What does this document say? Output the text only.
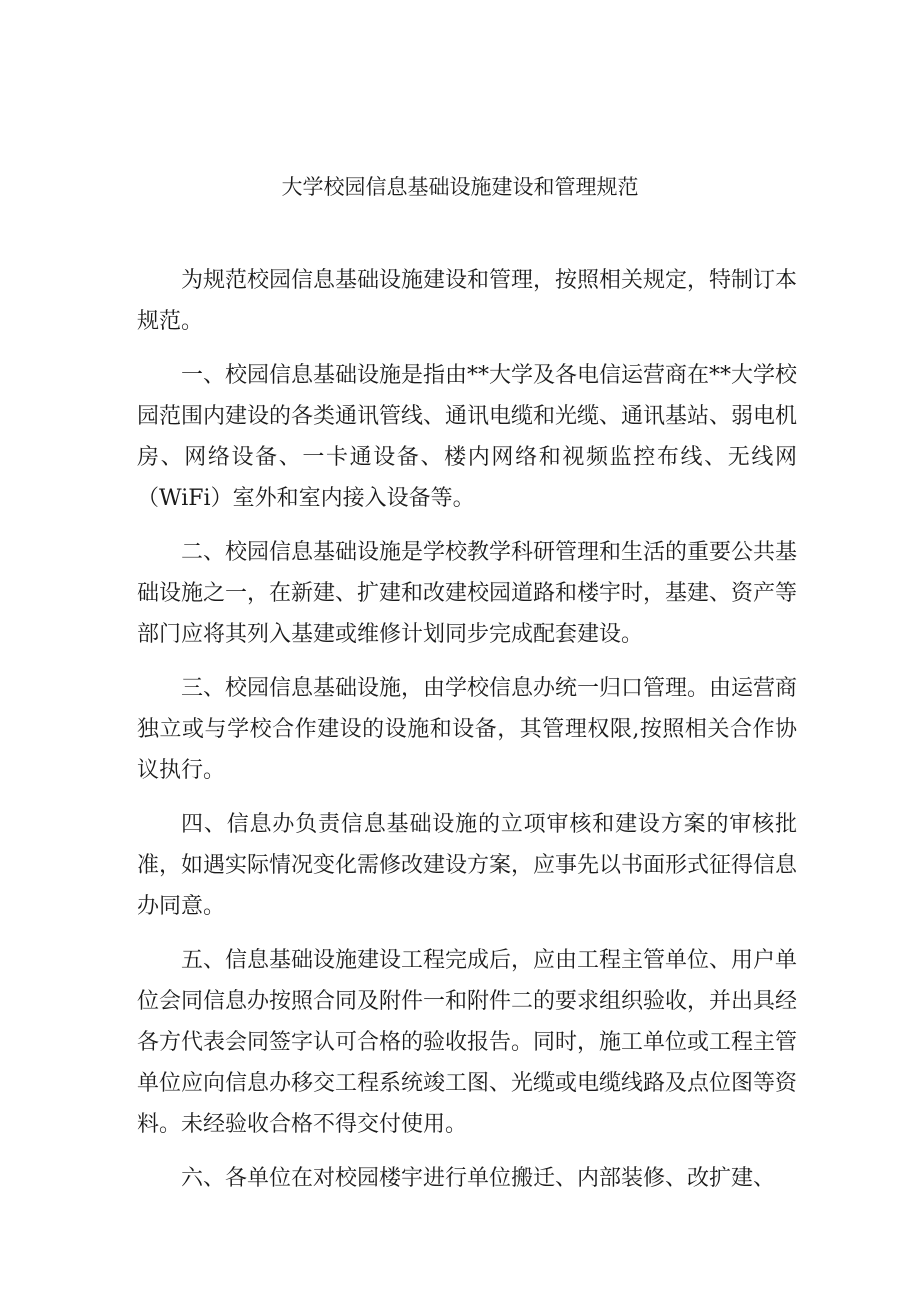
大学校园信息基础设施建设和管理规范

为规范校园信息基础设施建设和管理，按照相关规定，特制订本规范。

一、校园信息基础设施是指由**大学及各电信运营商在**大学校园范围内建设的各类通讯管线、通讯电缆和光缆、通讯基站、弱电机房、网络设备、一卡通设备、楼内网络和视频监控布线、无线网（WiFi）室外和室内接入设备等。

二、校园信息基础设施是学校教学科研管理和生活的重要公共基础设施之一，在新建、扩建和改建校园道路和楼宇时，基建、资产等部门应将其列入基建或维修计划同步完成配套建设。

三、校园信息基础设施，由学校信息办统一归口管理。由运营商独立或与学校合作建设的设施和设备，其管理权限,按照相关合作协议执行。

四、信息办负责信息基础设施的立项审核和建设方案的审核批准，如遇实际情况变化需修改建设方案，应事先以书面形式征得信息办同意。

五、信息基础设施建设工程完成后，应由工程主管单位、用户单位会同信息办按照合同及附件一和附件二的要求组织验收，并出具经各方代表会同签字认可合格的验收报告。同时，施工单位或工程主管单位应向信息办移交工程系统竣工图、光缆或电缆线路及点位图等资料。未经验收合格不得交付使用。

六、各单位在对校园楼宇进行单位搬迁、内部装修、改扩建、
